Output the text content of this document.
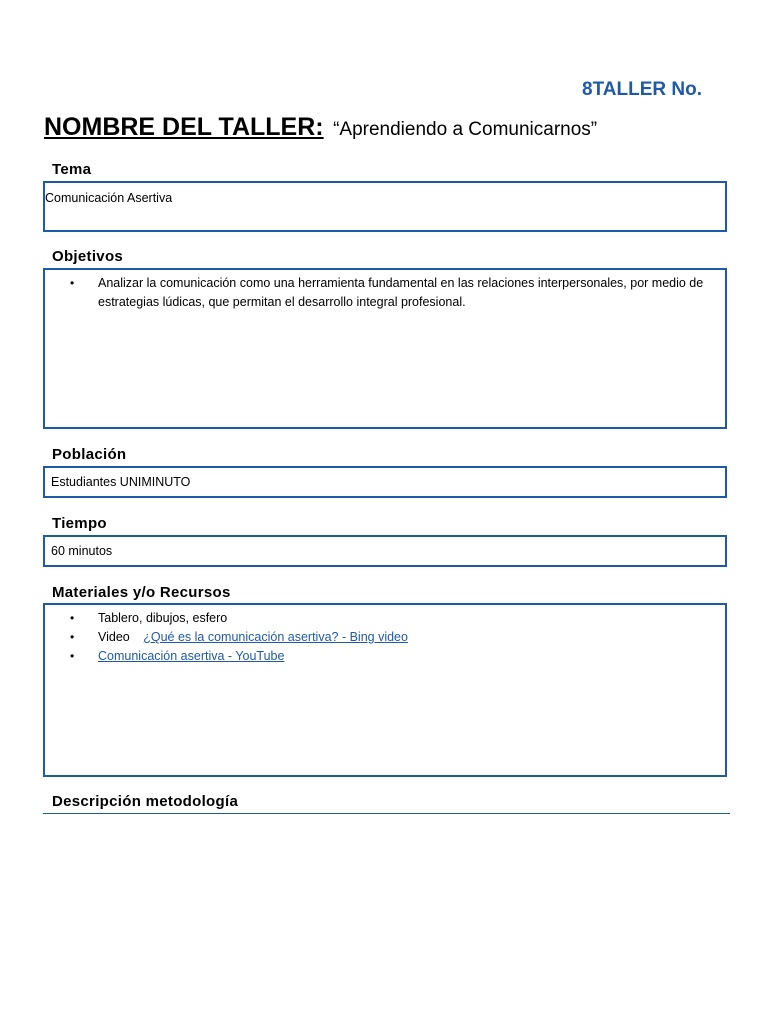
8TALLER No.
NOMBRE DEL TALLER: “Aprendiendo a Comunicarnos”
Tema
Comunicación Asertiva
Objetivos
• Analizar la comunicación como una herramienta fundamental en las relaciones interpersonales, por medio de estrategias lúdicas, que permitan el desarrollo integral profesional.
Población
Estudiantes UNIMINUTO
Tiempo
60 minutos
Materiales y/o Recursos
• Tablero, dibujos, esfero
• Video ¿Qué es la comunicación asertiva? - Bing video
• Comunicación asertiva - YouTube
Descripción metodología
